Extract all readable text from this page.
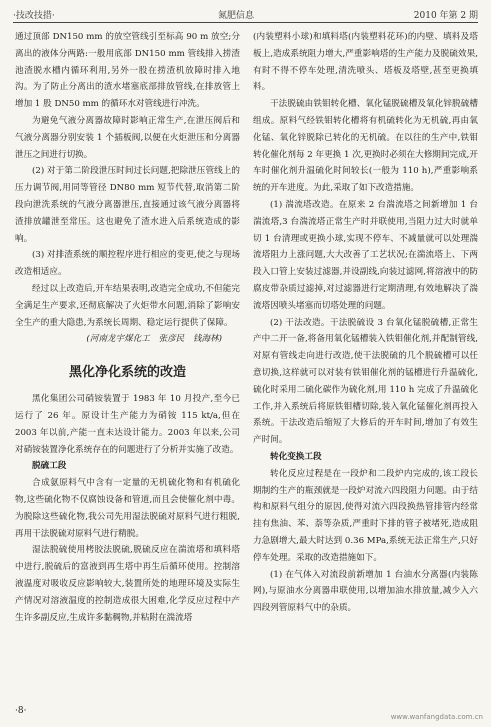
·技改技措·	氮肥信息	2010 年第 2 期

通过顶部 DN150 mm 的放空管线引至标高 90 m 放空;分离出的液体分两路:一般用底部 DN150 mm 管线排入捞渣池渣脱水槽内循环利用,另外一股在捞渣机放障时排入地沟。为了防止分离出的渣水堵塞底部排放管线,在排放管上增加 1 股 DN50 mm 的循环水对管线进行冲洗。

为避免气液分离器故障时影响正常生产,在泄压阀后和气液分离器分别安装 1 个插板阀,以便在火炬泄压和分离器泄压之间进行切换。

(2) 对于第二阶段泄压时间过长问题,把除泄压管线上的压力调节阀,用同等管径 DN80 mm 短节代替,取消第二阶段向泄洗系统的气液分离器泄压,直接通过该气液分离器将渣排放罐泄至常压。这也避免了渣水进入后系统造成的影响。

(3) 对排渣系统的顺控程序进行相应的变更,使之与现场改造相适应。

经过以上改造后,开车结果表明,改造完全成功,不但能完全满足生产要求,还彻底解决了火炬带水问题,消除了影响安全生产的重大隐患,为系统长周期、稳定运行提供了保障。

(河南龙宇煤化工　张彦民　钱海林)
黑化净化系统的改造

黑化集团公司硝铵装置于 1983 年 10 月投产,至今已运行了 26 年。原设计生产能力为硝铵 115 kt/a,但在 2003 年以前,产能一直未达设计能力。2003 年以来,公司对硝铵装置净化系统存在的问题进行了分析并实施了改造。

脱硫工段

合成氨原料气中含有一定量的无机硫化物和有机硫化物,这些硫化物不仅腐蚀设备和管道,而且会使催化剂中毒。为脱除这些硫化物,我公司先用湿法脱硫对原料气进行粗脱,再用干法脱硫对原料气进行精脱。

湿法脱硫使用栲胶法脱硫,脱硫反应在湍流塔和填料塔中进行,脱硫后的富液到再生塔中再生后循环使用。控制溶液温度对吸收反应影响较大,装置所处的地理环境及实际生产情况对溶液温度的控制造成很大困难,化学反应过程中产生许多副反应,生成许多黏稠物,并粘附在湍流塔

(内装塑料小球)和填料塔(内装塑料花环)的内壁、填料及塔板上,造成系统阻力增大,严重影响塔的生产能力及脱硫效果,有时不得不停车处理,清洗喷头、塔板及塔壁,甚至更换填料。

干法脱硫由铁钼转化槽、氧化锰脱硫槽及氧化锌脱硫槽组成。原料气经铁钼转化槽将有机硫转化为无机硫,再由氧化锰、氧化锌脱除已转化的无机硫。在以往的生产中,铁钼转化催化剂每 2 年更换 1 次,更换时必须在大修期间完成,开车时催化剂升温硫化时间较长(一般为 110 h),严重影响系统的开车进度。为此,采取了如下改造措施。

(1) 湍流塔改造。在原来 2 台湍流塔之间新增加 1 台湍流塔,3 台湍流塔正常生产时并联使用,当阻力过大时就单切 1 台清理或更换小球,实现不停车、不减量就可以处理湍流塔阻力上涨问题,大大改善了工艺状况;在湍流塔上、下两段入口管上安装过滤器,并设副线,向装过滤网,将溶液中的防腐皮带杂质过滤掉,对过滤器进行定期清理,有效地解决了湍流塔因喷头堵塞而切塔处理的问题。

(2) 干法改造。干法脱硫设 3 台氧化锰脱硫槽,正常生产中二开一备,将备用氧化锰槽装入铁钼催化剂,并配制管线,对原有管线走向进行改造,使干法脱硫的几个脱硫槽可以任意切换,这样就可以对装有铁钼催化剂的锰槽进行升温硫化,硫化时采用二硫化碳作为硫化剂,用 110 h 完成了升温硫化工作,并入系统后将原铁钼槽切除,装入氧化锰催化剂再投入系统。干法改造后缩短了大修后的开车时间,增加了有效生产时间。

转化变换工段

转化反应过程是在一段炉和二段炉内完成的,该工段长期制约生产的瓶颈就是一段炉对流六四段阻力问题。由于结构和原料气组分的原因,使得对流六四段换热管排管内经常挂有焦油、苯、萘等杂质,严重时下排的管子被堵死,造成阻力急剧增大,最大时达到 0.36 MPa,系统无法正常生产,只好停车处理。采取的改造措施如下。

(1) 在气体入对流段前新增加 1 台油水分离器(内装陈网),与原油水分离器串联使用,以增加油水排放量,减少入六四段列管原料气中的杂质。

·8·
www.wanfangdata.com.cn
